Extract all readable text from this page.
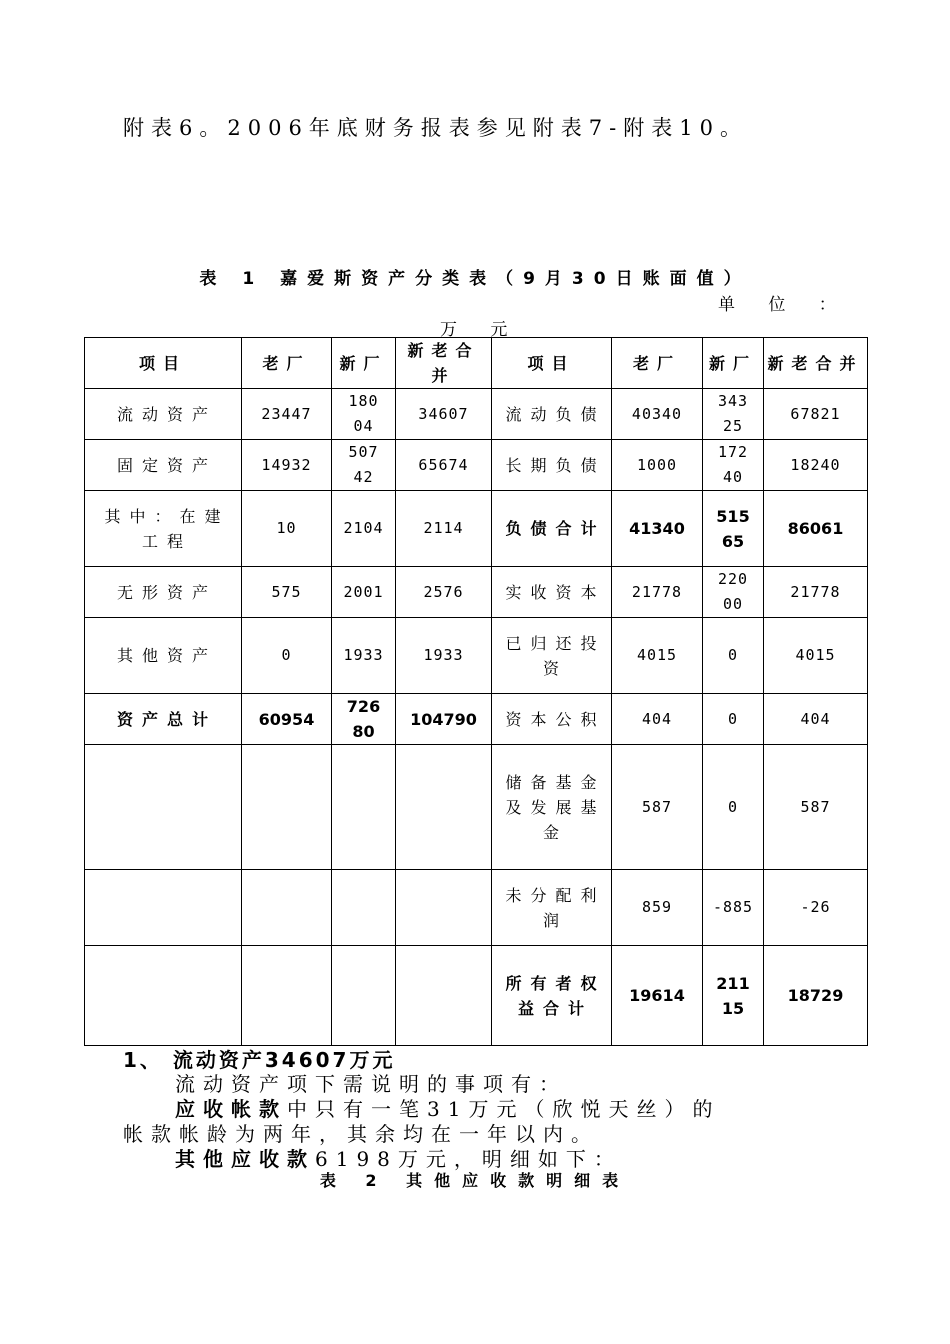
附表6。2006年底财务报表参见附表7-附表10。
表 1 嘉爱斯资产分类表（9月30日账面值）
单 位 ：
万 元
项目	老厂	新厂	新老合并	项目	老厂	新厂	新老合并
流动资产	23447	18004	34607	流动负债	40340	34325	67821
固定资产	14932	50742	65674	长期负债	1000	17240	18240
其中：在建工程	10	2104	2114	负债合计	41340	51565	86061
无形资产	575	2001	2576	实收资本	21778	22000	21778
其他资产	0	1933	1933	已归还投资	4015	0	4015
资产总计	60954	72680	104790	资本公积	404	0	404
				储备基金及发展基金	587	0	587
				未分配利润	859	-885	-26
				所有者权益合计	19614	21115	18729
1、 流动资产34607万元
流动资产项下需说明的事项有：
应收帐款中只有一笔31万元（欣悦天丝）的
帐款帐龄为两年，其余均在一年以内。
其他应收款6198万元，明细如下：
表 2 其他应收款明细表
